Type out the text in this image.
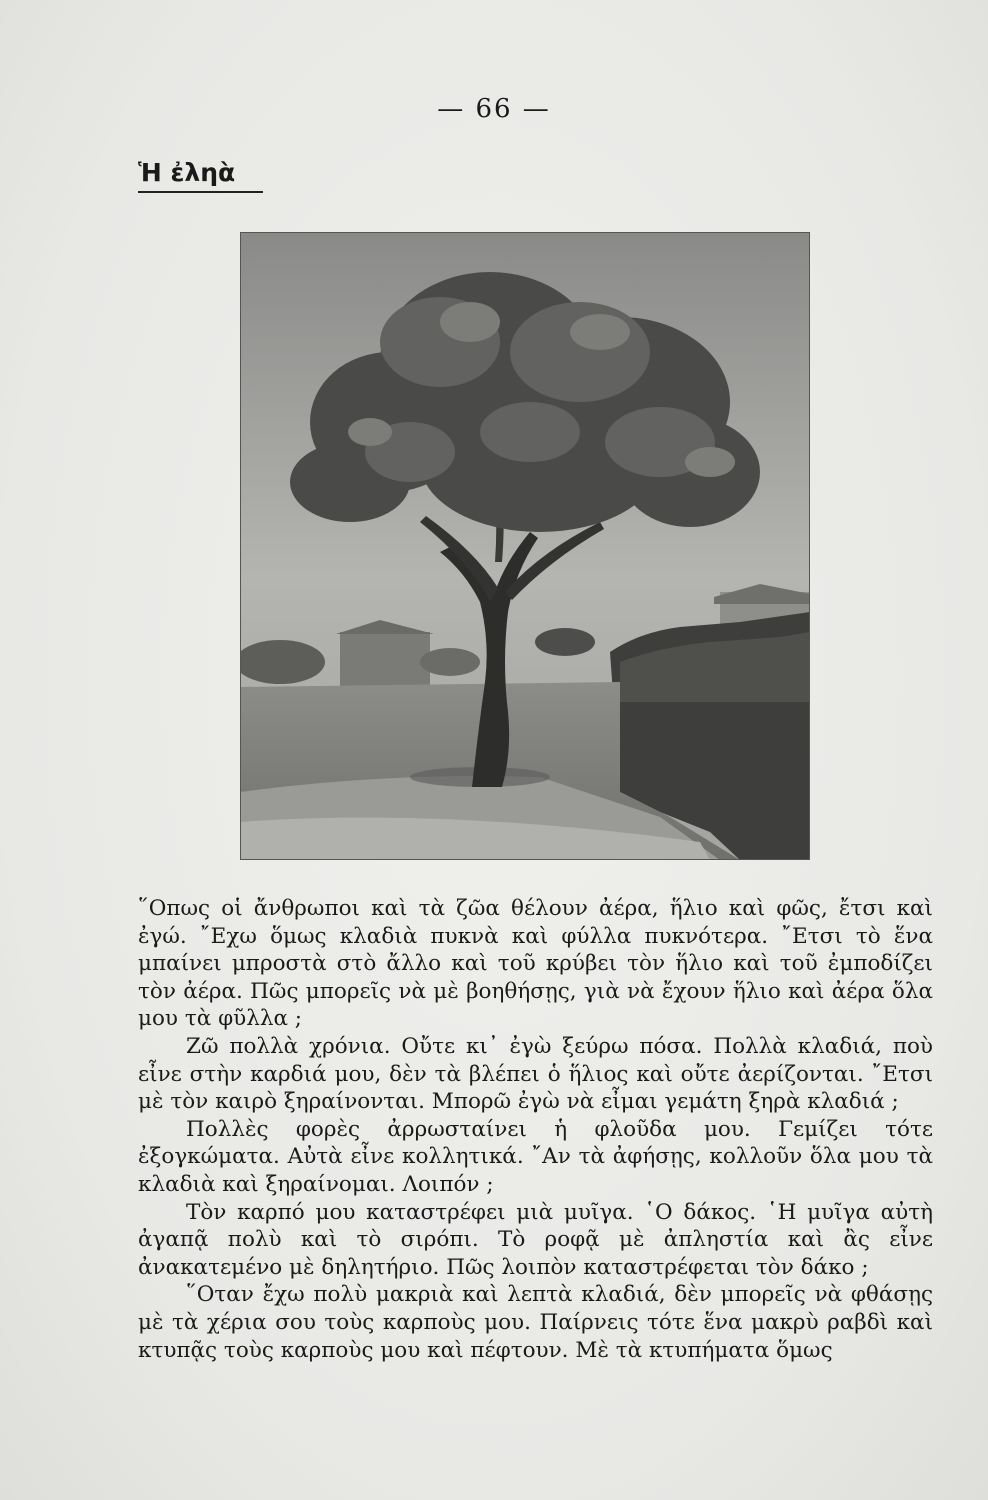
— 66 —
Ἡ ἐληὰ

῞Οπως οἱ ἄνθρωποι καὶ τὰ ζῶα θέλουν ἀέρα, ἥλιο καὶ φῶς, ἔτσι καὶ ἐγώ. ῎Εχω ὅμως κλαδιὰ πυκνὰ καὶ φύλλα πυκνότερα. ῎Ετσι τὸ ἕνα μπαίνει μπροστὰ στὸ ἄλλο καὶ τοῦ κρύβει τὸν ἥλιο καὶ τοῦ ἐμποδίζει τὸν ἀέρα. Πῶς μπορεῖς νὰ μὲ βοηθήσῃς, γιὰ νὰ ἔχουν ἥλιο καὶ ἀέρα ὅλα μου τὰ φῦλλα ;

Ζῶ πολλὰ χρόνια. Οὔτε κι᾽ ἐγὼ ξεύρω πόσα. Πολλὰ κλαδιά, ποὺ εἶνε στὴν καρδιά μου, δὲν τὰ βλέπει ὁ ἥλιος καὶ οὔτε ἀερίζονται. ῎Ετσι μὲ τὸν καιρὸ ξηραίνονται. Μπορῶ ἐγὼ νὰ εἶμαι γεμάτη ξηρὰ κλαδιά ;

Πολλὲς φορὲς ἀρρωσταίνει ἡ φλοῦδα μου. Γεμίζει τότε ἐξογκώματα. Αὐτὰ εἶνε κολλητικά. ῎Αν τὰ ἀφήσῃς, κολλοῦν ὅλα μου τὰ κλαδιὰ καὶ ξηραίνομαι. Λοιπόν ;

Τὸν καρπό μου καταστρέφει μιὰ μυῖγα. ῾Ο δάκος. ῾Η μυῖγα αὐτὴ ἀγαπᾷ πολὺ καὶ τὸ σιρόπι. Τὸ ροφᾷ μὲ ἀπληστία καὶ ἂς εἶνε ἀνακατεμένο μὲ δηλητήριο. Πῶς λοιπὸν καταστρέφεται τὸν δάκο ;

῞Οταν ἔχω πολὺ μακριὰ καὶ λεπτὰ κλαδιά, δὲν μπορεῖς νὰ φθάσῃς μὲ τὰ χέρια σου τοὺς καρποὺς μου. Παίρνεις τότε ἕνα μακρὺ ραβδὶ καὶ κτυπᾷς τοὺς καρποὺς μου καὶ πέφτουν. Μὲ τὰ κτυπήματα ὅμως
